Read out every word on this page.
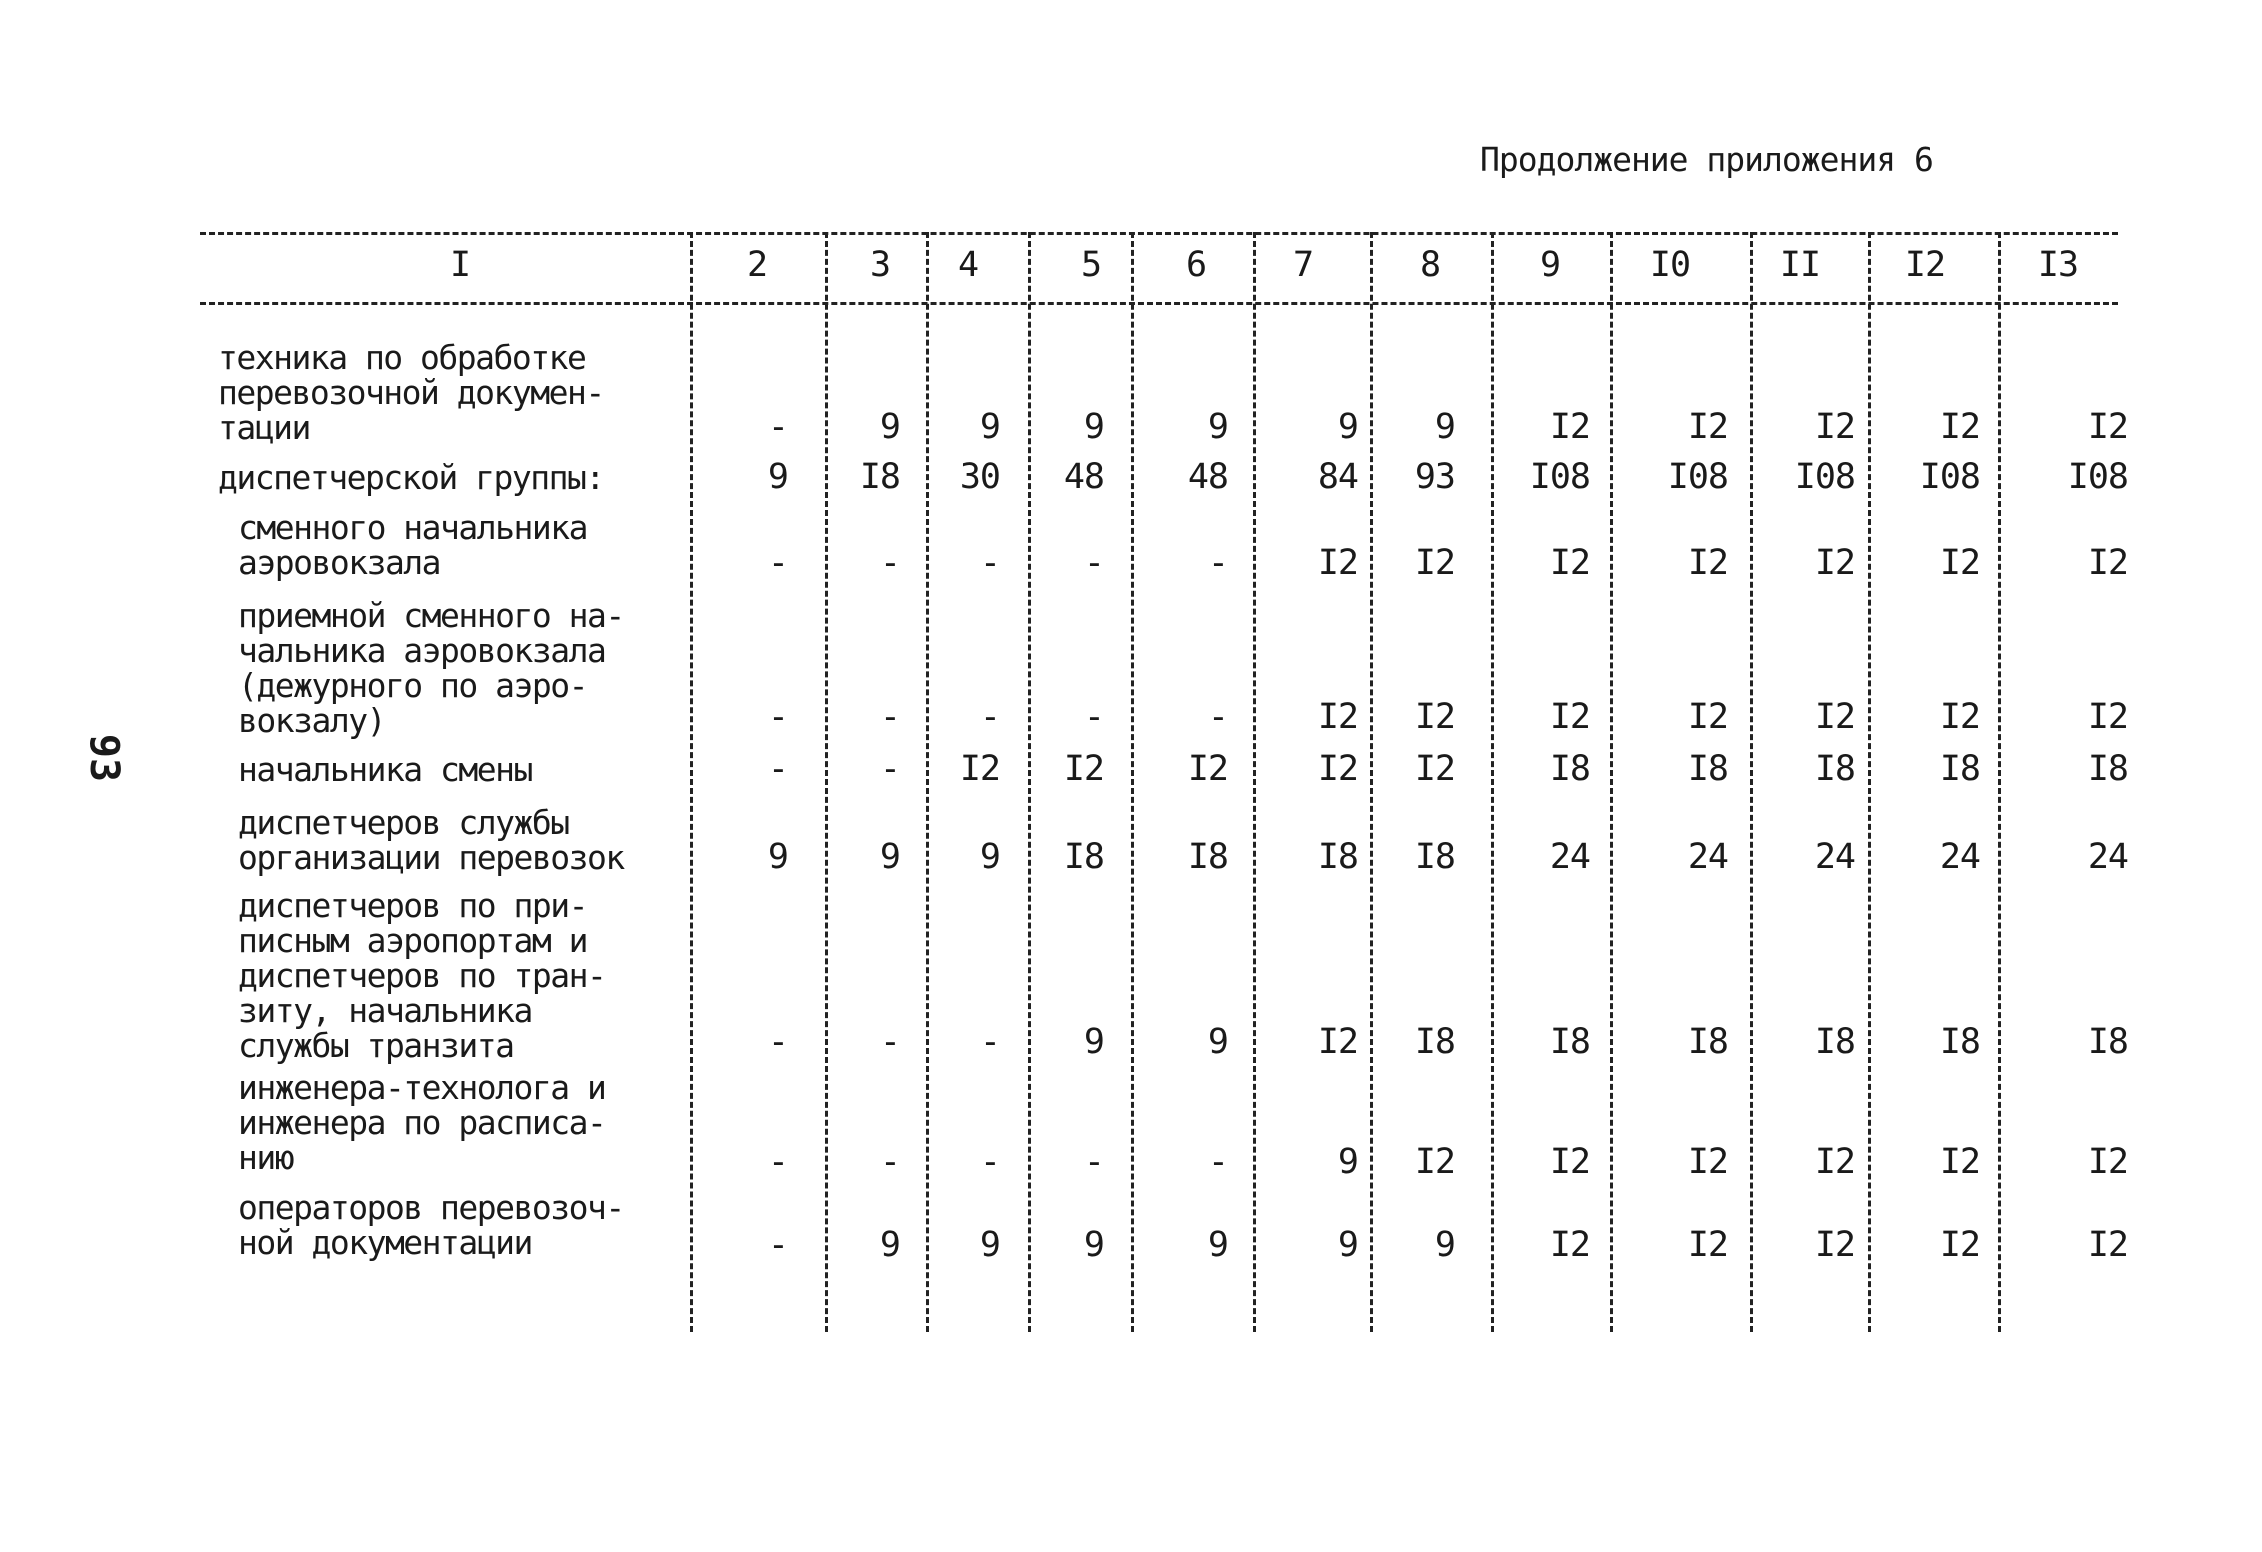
Продолжение приложения 6
93
I	2	3	4	5	6	7	8	9	I0	II	I2	I3
техника по обработке
перевозочной докумен-
тации	-	9	9	9	9	9	9	I2	I2	I2	I2	I2
диспетчерской группы:	9	I8	30	48	48	84	93	I08	I08	I08	I08	I08
сменного начальника
аэровокзала	-	-	-	-	-	I2	I2	I2	I2	I2	I2	I2
приемной сменного на-
чальника аэровокзала
(дежурного по аэро-
вокзалу)	-	-	-	-	-	I2	I2	I2	I2	I2	I2	I2
начальника смены	-	-	I2	I2	I2	I2	I2	I8	I8	I8	I8	I8
диспетчеров службы
организации перевозок	9	9	9	I8	I8	I8	I8	24	24	24	24	24
диспетчеров по при-
писным аэропортам и
диспетчеров по тран-
зиту, начальника
службы транзита	-	-	-	9	9	I2	I8	I8	I8	I8	I8	I8
инженера-технолога и
инженера по расписа-
нию	-	-	-	-	-	9	I2	I2	I2	I2	I2	I2
операторов перевозоч-
ной документации	-	9	9	9	9	9	9	I2	I2	I2	I2	I2
